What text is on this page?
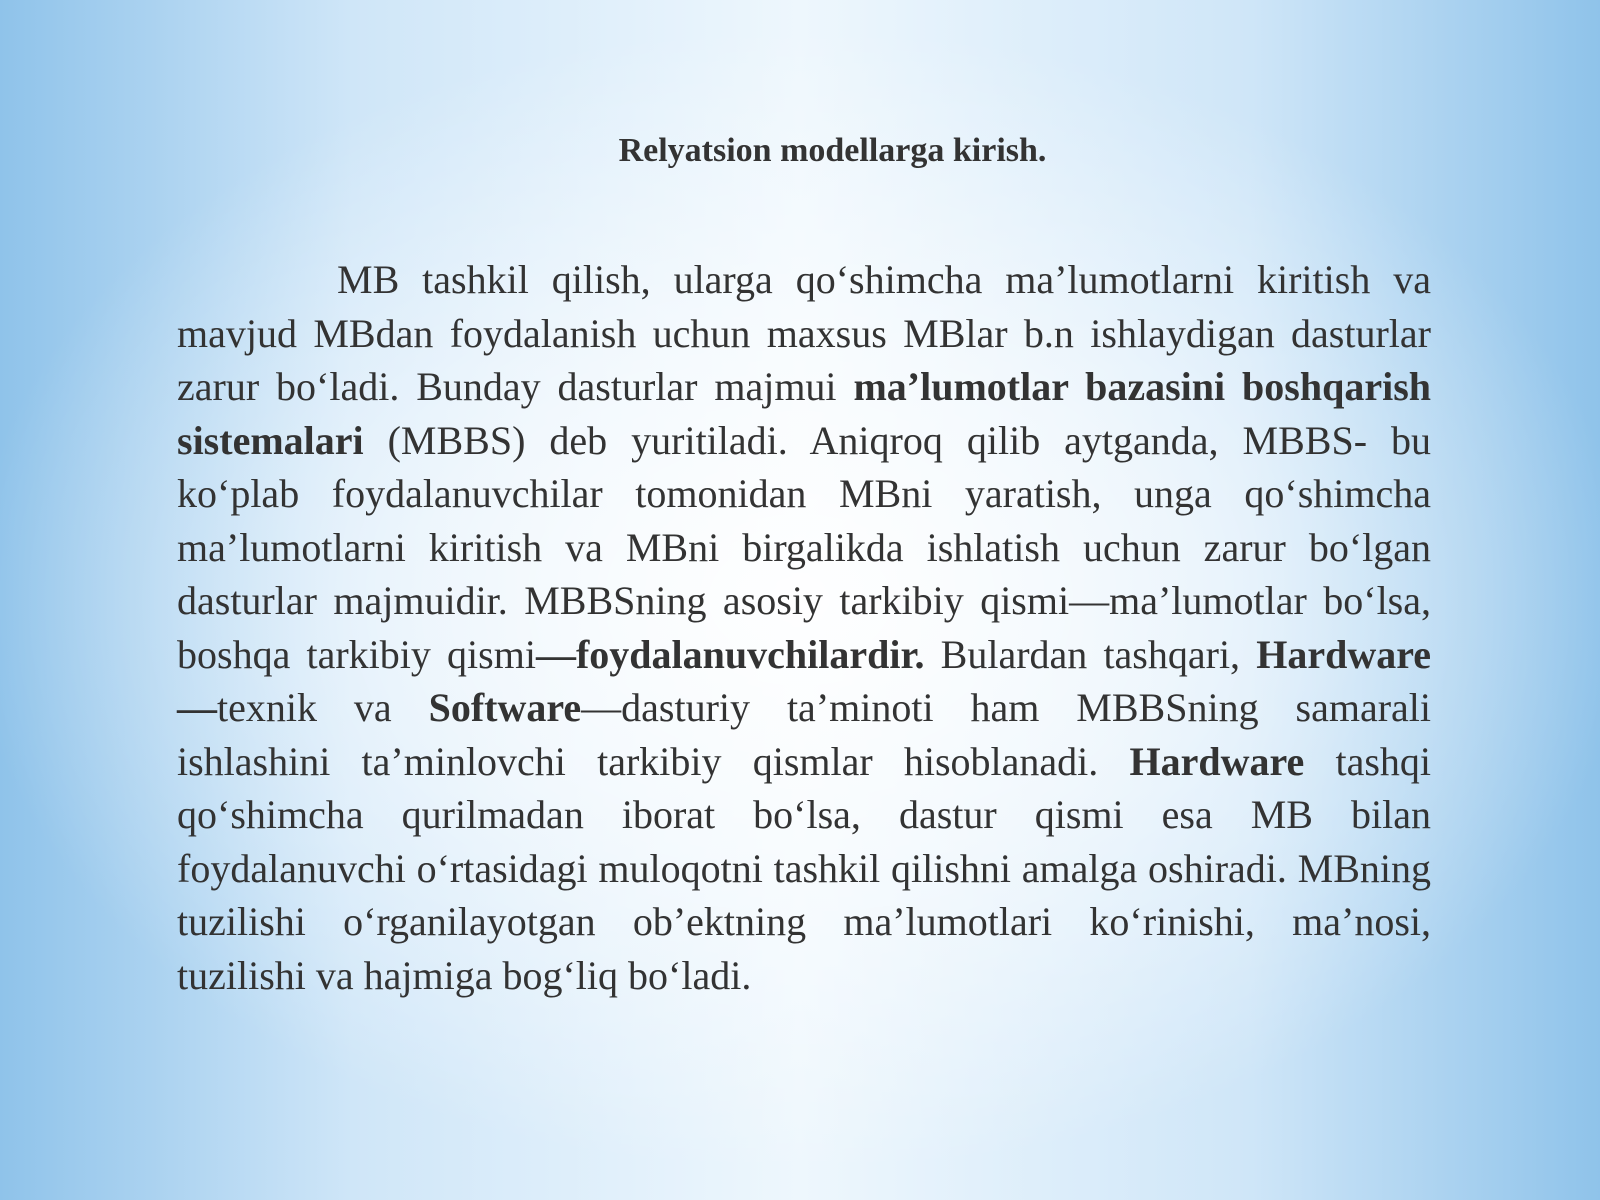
Relyatsion modellarga kirish.

MB tashkil qilish, ularga qo‘shimcha ma’lumotlarni kiritish va mavjud MBdan foydalanish uchun maxsus MBlar b.n ishlaydigan dasturlar zarur bo‘ladi. Bunday dasturlar majmui ma’lumotlar bazasini boshqarish sistemalari (MBBS) deb yuritiladi. Aniqroq qilib aytganda, MBBS- bu ko‘plab foydalanuvchilar tomonidan MBni yaratish, unga qo‘shimcha ma’lumotlarni kiritish va MBni birgalikda ishlatish uchun zarur bo‘lgan dasturlar majmuidir. MBBSning asosiy tarkibiy qismi—ma’lumotlar bo‘lsa, boshqa tarkibiy qismi—foydalanuvchilardir. Bulardan tashqari, Hardware—texnik va Software—dasturiy ta’minoti ham MBBSning samarali ishlashini ta’minlovchi tarkibiy qismlar hisoblanadi. Hardware tashqi qo‘shimcha qurilmadan iborat bo‘lsa, dastur qismi esa MB bilan foydalanuvchi o‘rtasidagi muloqotni tashkil qilishni amalga oshiradi. MBning tuzilishi o‘rganilayotgan ob’ektning ma’lumotlari ko‘rinishi, ma’nosi, tuzilishi va hajmiga bog‘liq bo‘ladi.
